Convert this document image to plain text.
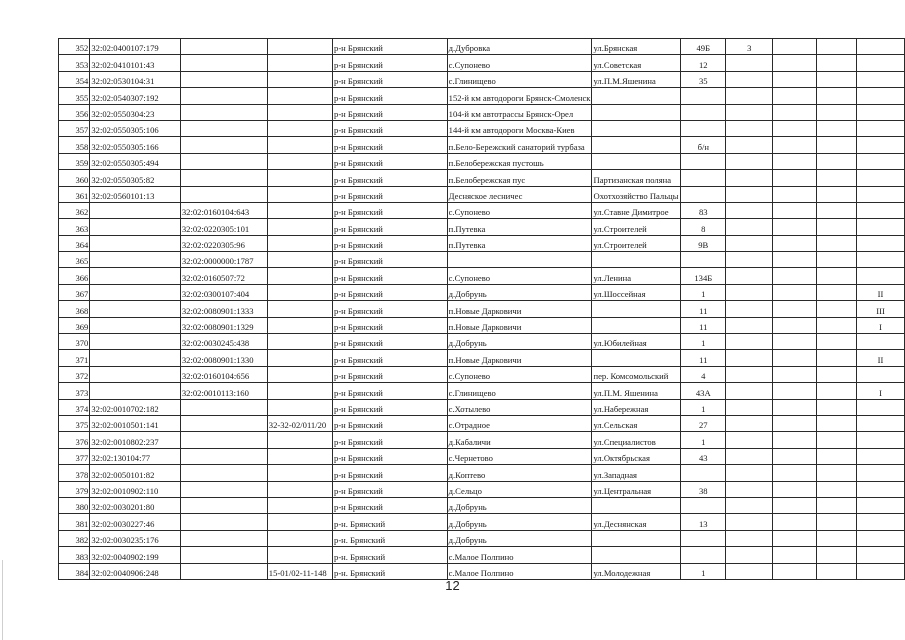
352	32:02:0400107:179			р-н Брянский	д.Дубровка	ул.Брянская	49Б	3			
353	32:02:0410101:43			р-н Брянский	с.Супонево	ул.Советская	12				
354	32:02:0530104:31			р-н Брянский	с.Глинищево	ул.П.М.Яшенина	35				
355	32:02:0540307:192			р-н Брянский	152-й км автодороги Брянск-Смоленск						
356	32:02:0550304:23			р-н Брянский	104-й км автотрассы Брянск-Орел						
357	32:02:0550305:106			р-н Брянский	144-й км автодороги Москва-Киев						
358	32:02:0550305:166			р-н Брянский	п.Бело-Бережский санаторий турбаза		б/н				
359	32:02:0550305:494			р-н Брянский	п.Белобережская пустошь						
360	32:02:0550305:82			р-н Брянский	п.Белобережская пус	Партизанская поляна					
361	32:02:0560101:13			р-н Брянский	Десняское лесничес	Охотхозяйство Пальцы					
362		32:02:0160104:643		р-н Брянский	с.Супонево	ул.Ставне Димитрое	83				
363		32:02:0220305:101		р-н Брянский	п.Путевка	ул.Строителей	8				
364		32:02:0220305:96		р-н Брянский	п.Путевка	ул.Строителей	9В				
365		32:02:0000000:1787		р-н Брянский							
366		32:02:0160507:72		р-н Брянский	с.Супонево	ул.Ленина	134Б				
367		32:02:0300107:404		р-н Брянский	д.Добрунь	ул.Шоссейная	1				II
368		32:02:0080901:1333		р-н Брянский	п.Новые Дарковичи		11				III
369		32:02:0080901:1329		р-н Брянский	п.Новые Дарковичи		11				I
370		32:02:0030245:438		р-н Брянский	д.Добрунь	ул.Юбилейная	1				
371		32:02:0080901:1330		р-н Брянский	п.Новые Дарковичи		11				II
372		32:02:0160104:656		р-н Брянский	с.Супонево	пер. Комсомольский	4				
373		32:02:0010113:160		р-н Брянский	с.Глинищево	ул.П.М. Яшенина	43А				I
374	32:02:0010702:182			р-н Брянский	с.Хотылево	ул.Набережная	1				
375	32:02:0010501:141		32-32-02/011/20	р-н Брянский	с.Отрадное	ул.Сельская	27				
376	32:02:0010802:237			р-н Брянский	д.Кабаличи	ул.Специалистов	1				
377	32:02:130104:77			р-н Брянский	с.Чернетово	ул.Октябрьская	43				
378	32:02:0050101:82			р-н Брянский	д.Коптево	ул.Западная					
379	32:02:0010902:110			р-н Брянский	д.Сельцо	ул.Центральная	38				
380	32:02:0030201:80			р-н Брянский	д.Добрунь						
381	32:02:0030227:46			р-н. Брянский	д.Добрунь	ул.Деснянская	13				
382	32:02:0030235:176			р-н. Брянский	д.Добрунь						
383	32:02:0040902:199			р-н. Брянский	с.Малое Полпино						
384	32:02:0040906:248		15-01/02-11-148	р-н. Брянский	с.Малое Полпино	ул.Молодежная	1				
12
